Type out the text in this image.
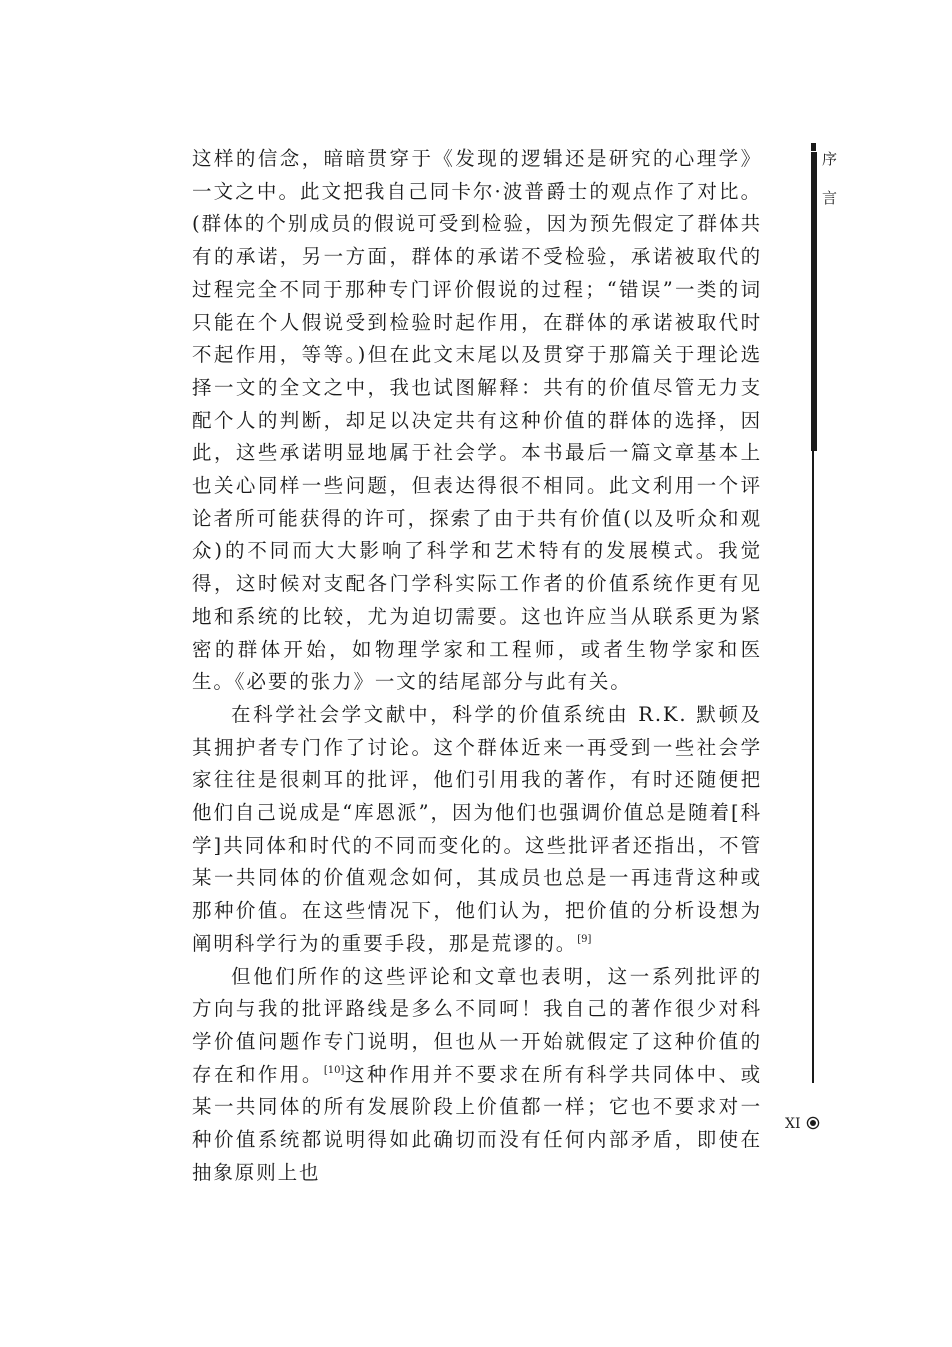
序
言

这样的信念，暗暗贯穿于《发现的逻辑还是研究的心理学》一文之中。此文把我自己同卡尔·波普爵士的观点作了对比。(群体的个别成员的假说可受到检验，因为预先假定了群体共有的承诺，另一方面，群体的承诺不受检验，承诺被取代的过程完全不同于那种专门评价假说的过程；“错误”一类的词只能在个人假说受到检验时起作用，在群体的承诺被取代时不起作用，等等。)但在此文末尾以及贯穿于那篇关于理论选择一文的全文之中，我也试图解释：共有的价值尽管无力支配个人的判断，却足以决定共有这种价值的群体的选择，因此，这些承诺明显地属于社会学。本书最后一篇文章基本上也关心同样一些问题，但表达得很不相同。此文利用一个评论者所可能获得的许可，探索了由于共有价值(以及听众和观众)的不同而大大影响了科学和艺术特有的发展模式。我觉得，这时候对支配各门学科实际工作者的价值系统作更有见地和系统的比较，尤为迫切需要。这也许应当从联系更为紧密的群体开始，如物理学家和工程师，或者生物学家和医生。《必要的张力》一文的结尾部分与此有关。

在科学社会学文献中，科学的价值系统由 R.K. 默顿及其拥护者专门作了讨论。这个群体近来一再受到一些社会学家往往是很刺耳的批评，他们引用我的著作，有时还随便把他们自己说成是“库恩派”，因为他们也强调价值总是随着[科学]共同体和时代的不同而变化的。这些批评者还指出，不管某一共同体的价值观念如何，其成员也总是一再违背这种或那种价值。在这些情况下，他们认为，把价值的分析设想为阐明科学行为的重要手段，那是荒谬的。[9]

但他们所作的这些评论和文章也表明，这一系列批评的方向与我的批评路线是多么不同呵！我自己的著作很少对科学价值问题作专门说明，但也从一开始就假定了这种价值的存在和作用。[10]这种作用并不要求在所有科学共同体中、或某一共同体的所有发展阶段上价值都一样；它也不要求对一种价值系统都说明得如此确切而没有任何内部矛盾，即使在抽象原则上也

XI
